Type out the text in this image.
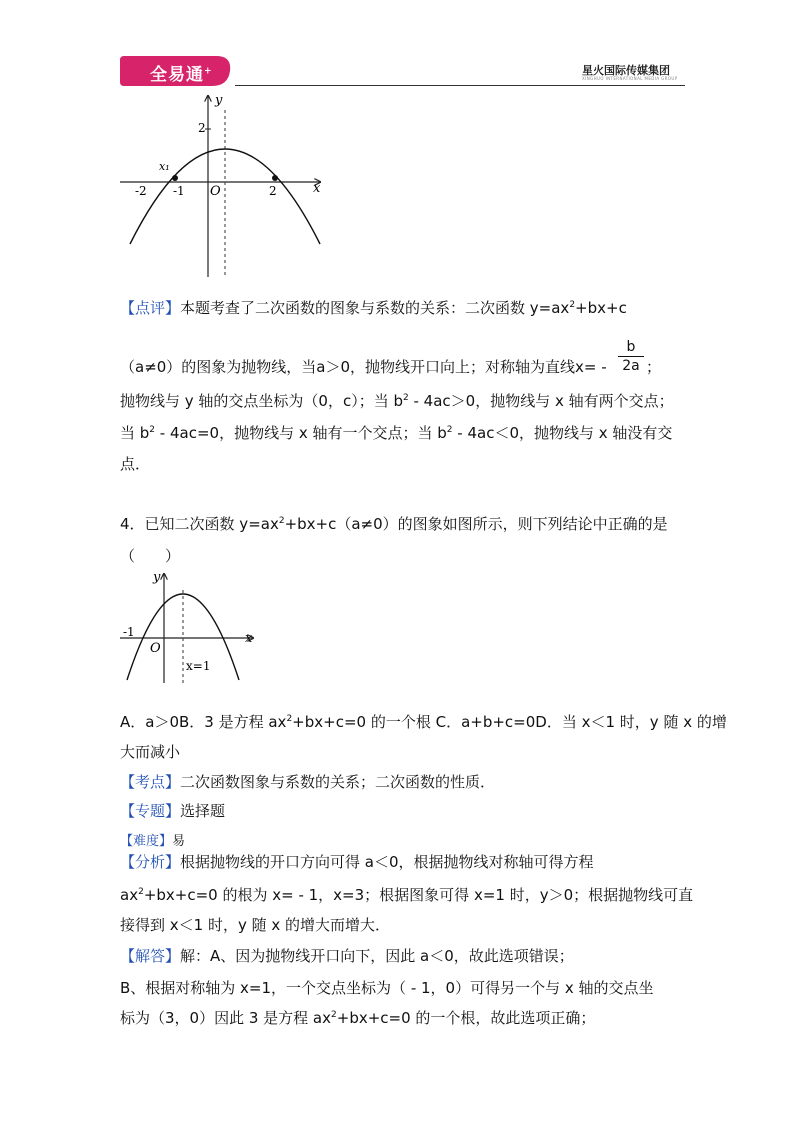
全易通+	星火国际传媒集团
XINGHUO INTERNATIONAL MEDIA GROUP
y
x
O
2
-2 -1	2
x₁
【点评】本题考查了二次函数的图象与系数的关系：二次函数 $y=ax^2+bx+c$
（a≠0）的图象为抛物线，当a＞0，抛物线开口向上；对称轴为直线$x= - \frac{b}{2a}$ ；
抛物线与 y 轴的交点坐标为（0，c）；当 $b^2 - 4ac>0$，抛物线与 x 轴有两个交点；
当 $b^2 - 4ac=0$，抛物线与 x 轴有一个交点；当 $b^2 - 4ac<0$，抛物线与 x 轴没有交
点．
4．已知二次函数 $y=ax^2+bx+c(a\ne 0)$的图象如图所示，则下列结论中正确的是
（　　）
y
x
O
-1
x=1
A．a＞0B．3 是方程 $ax^2+bx+c=0$ 的一个根 C．a+b+c=0D．当 x＜1 时，y 随 x 的增
大而减小
【考点】二次函数图象与系数的关系；二次函数的性质．
【专题】选择题
【难度】易
【分析】根据抛物线的开口方向可得 a＜0，根据抛物线对称轴可得方程
$ax^2+bx+c=0$ 的根为 x= - 1，x=3；根据图象可得 x=1 时，y＞0；根据抛物线可直
接得到 x＜1 时，y 随 x 的增大而增大．
【解答】解：A、因为抛物线开口向下，因此 a＜0，故此选项错误；
B、根据对称轴为 x=1，一个交点坐标为（ - 1，0）可得另一个与 x 轴的交点坐
标为（3，0）因此 3 是方程 $ax^2+bx+c=0$ 的一个根，故此选项正确；
